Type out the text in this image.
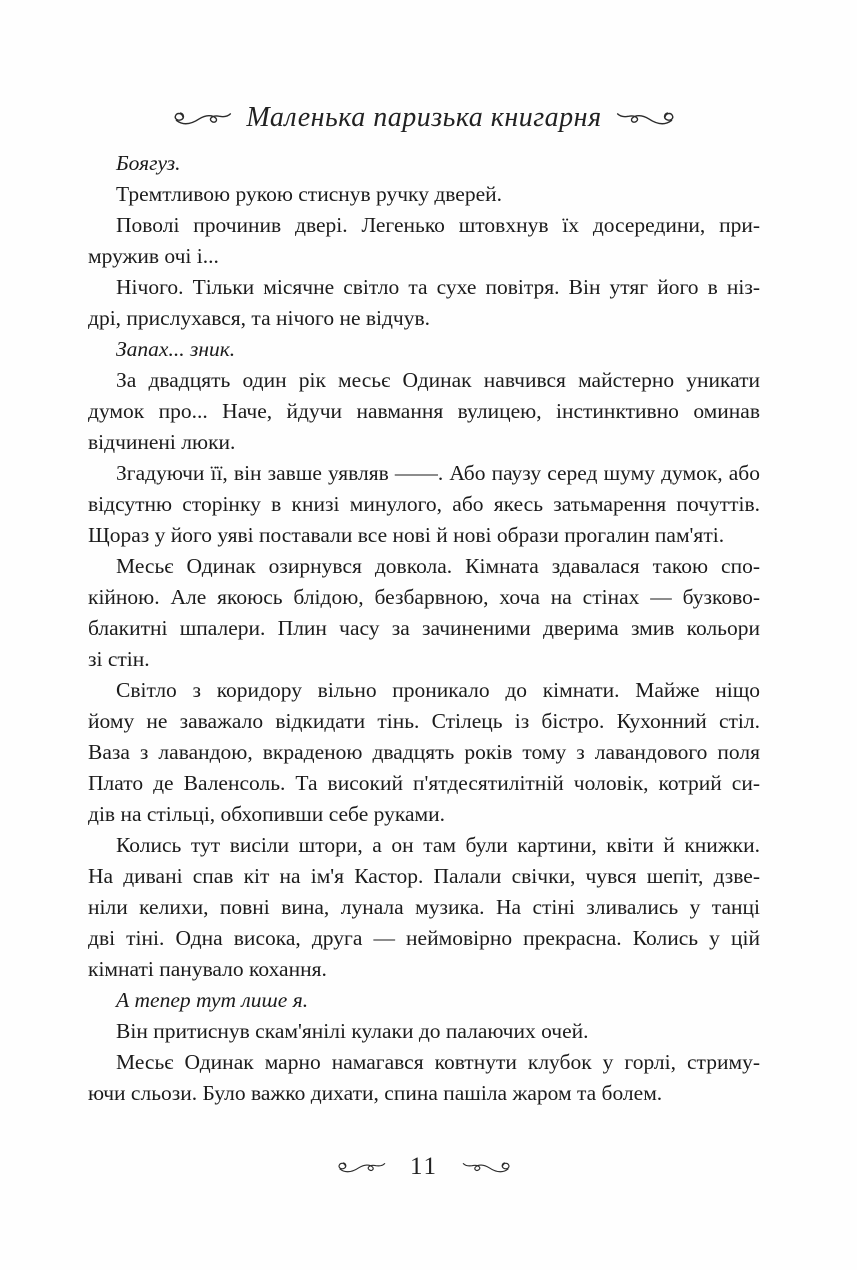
Маленька паризька книгарня

Боягуз.

Тремтливою рукою стиснув ручку дверей.

Поволі прочинив двері. Легенько штовхнув їх досередини, при-
мружив очі і...

Нічого. Тільки місячне світло та сухе повітря. Він утяг його в ніз-
дрі, прислухався, та нічого не відчув.

Запах... зник.

За двадцять один рік месьє Одинак навчився майстерно уникати
думок про... Наче, йдучи навмання вулицею, інстинктивно оминав
відчинені люки.

Згадуючи її, він завше уявляв ——. Або паузу серед шуму думок, або
відсутню сторінку в книзі минулого, або якесь затьмарення почуттів.
Щораз у його уяві поставали все нові й нові образи прогалин пам'яті.

Месьє Одинак озирнувся довкола. Кімната здавалася такою спо-
кійною. Але якоюсь блідою, безбарвною, хоча на стінах — бузково-
блакитні шпалери. Плин часу за зачиненими дверима змив кольори
зі стін.

Світло з коридору вільно проникало до кімнати. Майже ніщо
йому не заважало відкидати тінь. Стілець із бістро. Кухонний стіл.
Ваза з лавандою, вкраденою двадцять років тому з лавандового поля
Плато де Валенсоль. Та високий п'ятдесятилітній чоловік, котрий си-
дів на стільці, обхопивши себе руками.

Колись тут висіли штори, а он там були картини, квіти й книжки.
На дивані спав кіт на ім'я Кастор. Палали свічки, чувся шепіт, дзве-
ніли келихи, повні вина, лунала музика. На стіні зливались у танці
дві тіні. Одна висока, друга — неймовірно прекрасна. Колись у цій
кімнаті панувало кохання.

А тепер тут лише я.

Він притиснув скам'янілі кулаки до палаючих очей.

Месьє Одинак марно намагався ковтнути клубок у горлі, стриму-
ючи сльози. Було важко дихати, спина пашіла жаром та болем.

11
